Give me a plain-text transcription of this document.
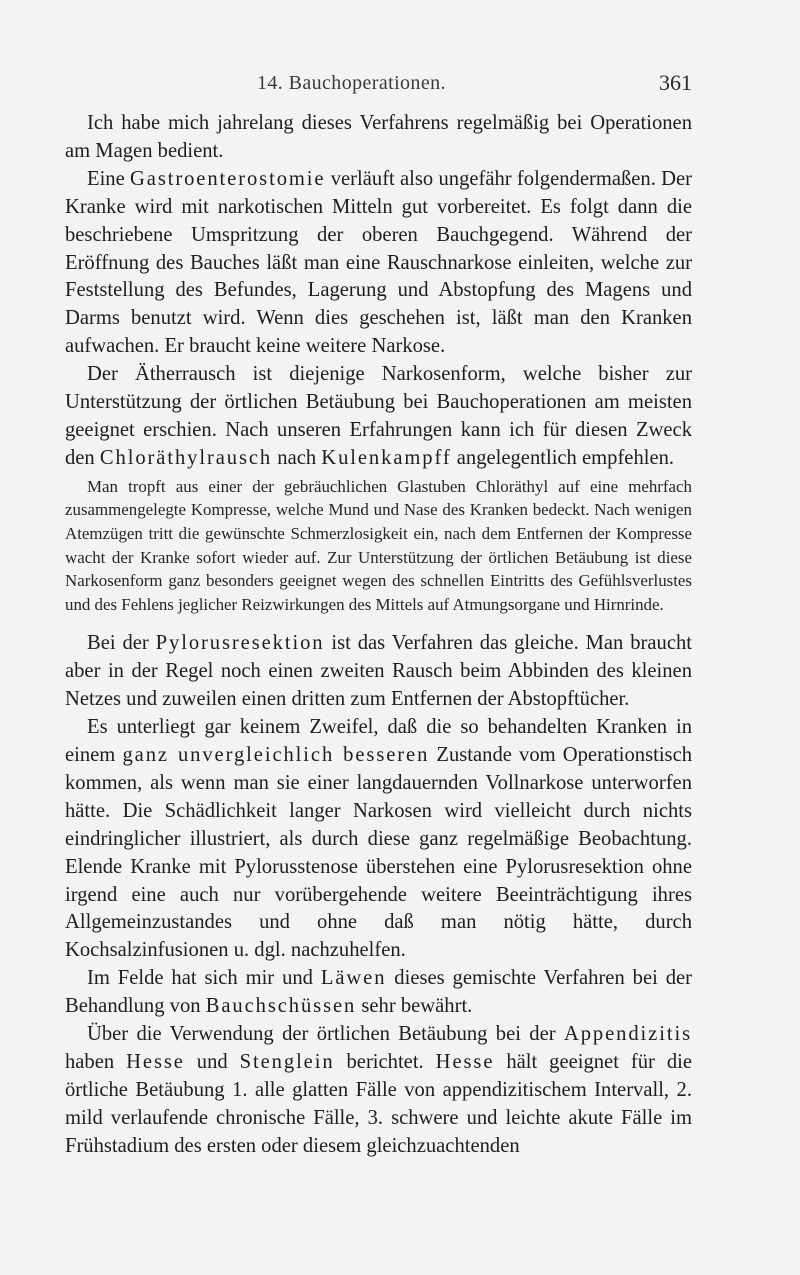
14. Bauchoperationen.	361

Ich habe mich jahrelang dieses Verfahrens regelmäßig bei Operationen am Magen bedient.

Eine Gastroenterostomie verläuft also ungefähr folgendermaßen. Der Kranke wird mit narkotischen Mitteln gut vorbereitet. Es folgt dann die beschriebene Umspritzung der oberen Bauchgegend. Während der Eröffnung des Bauches läßt man eine Rauschnarkose einleiten, welche zur Feststellung des Befundes, Lagerung und Abstopfung des Magens und Darms benutzt wird. Wenn dies geschehen ist, läßt man den Kranken aufwachen. Er braucht keine weitere Narkose.

Der Ätherrausch ist diejenige Narkosenform, welche bisher zur Unterstützung der örtlichen Betäubung bei Bauchoperationen am meisten geeignet erschien. Nach unseren Erfahrungen kann ich für diesen Zweck den Chloräthylrausch nach Kulenkampff angelegentlich empfehlen.

Man tropft aus einer der gebräuchlichen Glastuben Chloräthyl auf eine mehrfach zusammengelegte Kompresse, welche Mund und Nase des Kranken bedeckt. Nach wenigen Atemzügen tritt die gewünschte Schmerzlosigkeit ein, nach dem Entfernen der Kompresse wacht der Kranke sofort wieder auf. Zur Unterstützung der örtlichen Betäubung ist diese Narkosenform ganz besonders geeignet wegen des schnellen Eintritts des Gefühlsverlustes und des Fehlens jeglicher Reizwirkungen des Mittels auf Atmungsorgane und Hirnrinde.

Bei der Pylorusresektion ist das Verfahren das gleiche. Man braucht aber in der Regel noch einen zweiten Rausch beim Abbinden des kleinen Netzes und zuweilen einen dritten zum Entfernen der Abstopftücher.

Es unterliegt gar keinem Zweifel, daß die so behandelten Kranken in einem ganz unvergleichlich besseren Zustande vom Operationstisch kommen, als wenn man sie einer langdauernden Vollnarkose unterworfen hätte. Die Schädlichkeit langer Narkosen wird vielleicht durch nichts eindringlicher illustriert, als durch diese ganz regelmäßige Beobachtung. Elende Kranke mit Pylorusstenose überstehen eine Pylorusresektion ohne irgend eine auch nur vorübergehende weitere Beeinträchtigung ihres Allgemeinzustandes und ohne daß man nötig hätte, durch Kochsalzinfusionen u. dgl. nachzuhelfen.

Im Felde hat sich mir und Läwen dieses gemischte Verfahren bei der Behandlung von Bauchschüssen sehr bewährt.

Über die Verwendung der örtlichen Betäubung bei der Appendizitis haben Hesse und Stenglein berichtet. Hesse hält geeignet für die örtliche Betäubung 1. alle glatten Fälle von appendizitischem Intervall, 2. mild verlaufende chronische Fälle, 3. schwere und leichte akute Fälle im Frühstadium des ersten oder diesem gleichzuachtenden
